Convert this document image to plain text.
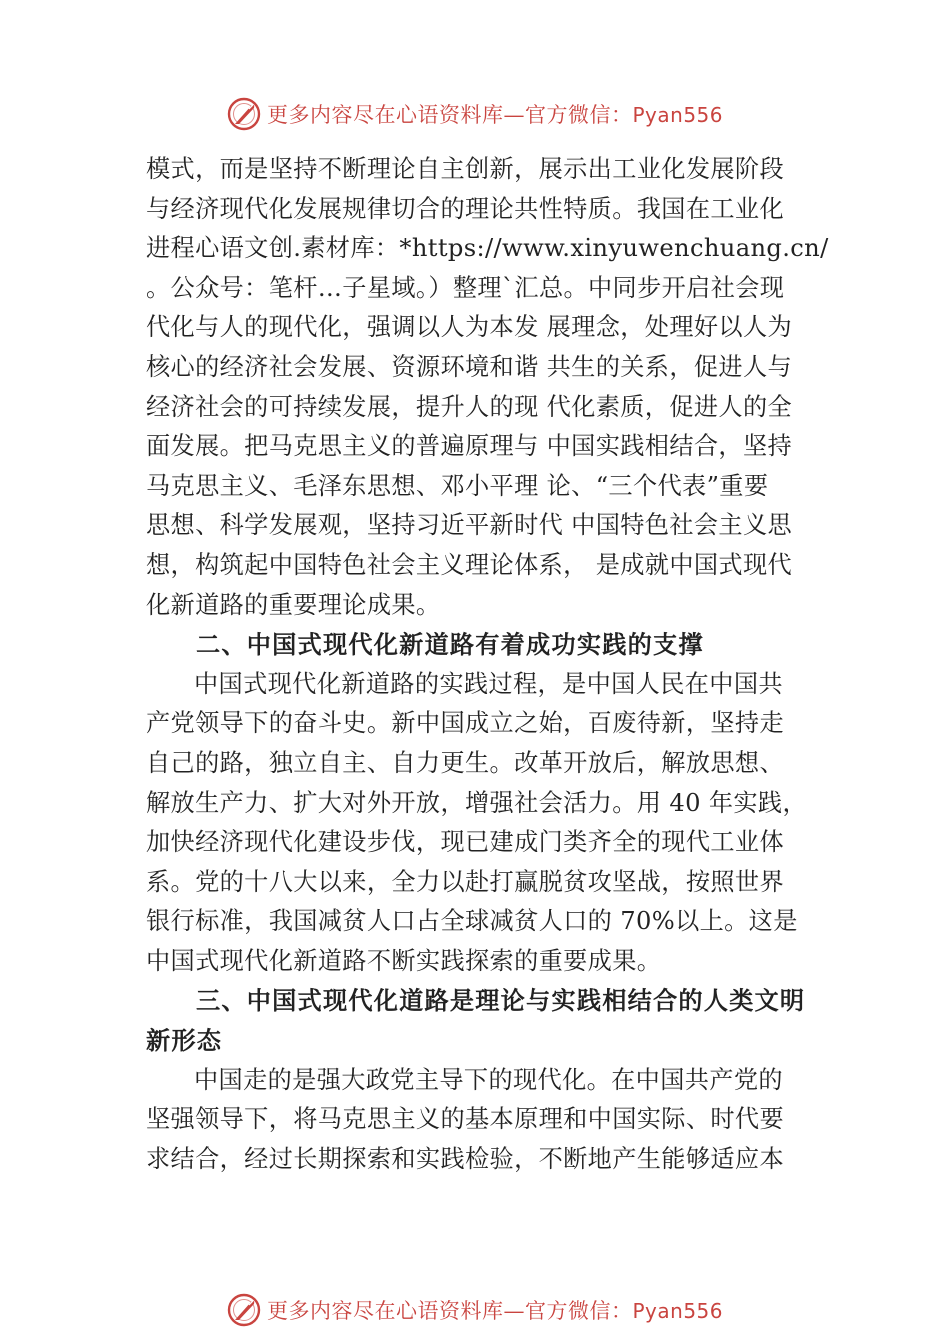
更多内容尽在心语资料库—官方微信：Pyan556
模式，而是坚持不断理论自主创新，展示出工业化发展阶段
与经济现代化发展规律切合的理论共性特质。我国在工业化
进程心语文创.素材库：*https://www.xinyuwenchuang.cn/
。公众号：笔杆…子星域。）整理`汇总。中同步开启社会现
代化与人的现代化，强调以人为本发 展理念，处理好以人为
核心的经济社会发展、资源环境和谐 共生的关系，促进人与
经济社会的可持续发展，提升人的现 代化素质，促进人的全
面发展。把马克思主义的普遍原理与 中国实践相结合，坚持
马克思主义、毛泽东思想、邓小平理 论、“三个代表”重要
思想、科学发展观，坚持习近平新时代 中国特色社会主义思
想，构筑起中国特色社会主义理论体系， 是成就中国式现代
化新道路的重要理论成果。
二、中国式现代化新道路有着成功实践的支撑
中国式现代化新道路的实践过程，是中国人民在中国共
产党领导下的奋斗史。新中国成立之始，百废待新，坚持走
自己的路，独立自主、自力更生。改革开放后，解放思想、
解放生产力、扩大对外开放，增强社会活力。用 40 年实践，
加快经济现代化建设步伐，现已建成门类齐全的现代工业体
系。党的十八大以来，全力以赴打赢脱贫攻坚战，按照世界
银行标准，我国减贫人口占全球减贫人口的 70%以上。这是
中国式现代化新道路不断实践探索的重要成果。
三、中国式现代化道路是理论与实践相结合的人类文明
新形态
中国走的是强大政党主导下的现代化。在中国共产党的
坚强领导下，将马克思主义的基本原理和中国实际、时代要
求结合，经过长期探索和实践检验，不断地产生能够适应本
更多内容尽在心语资料库—官方微信：Pyan556
